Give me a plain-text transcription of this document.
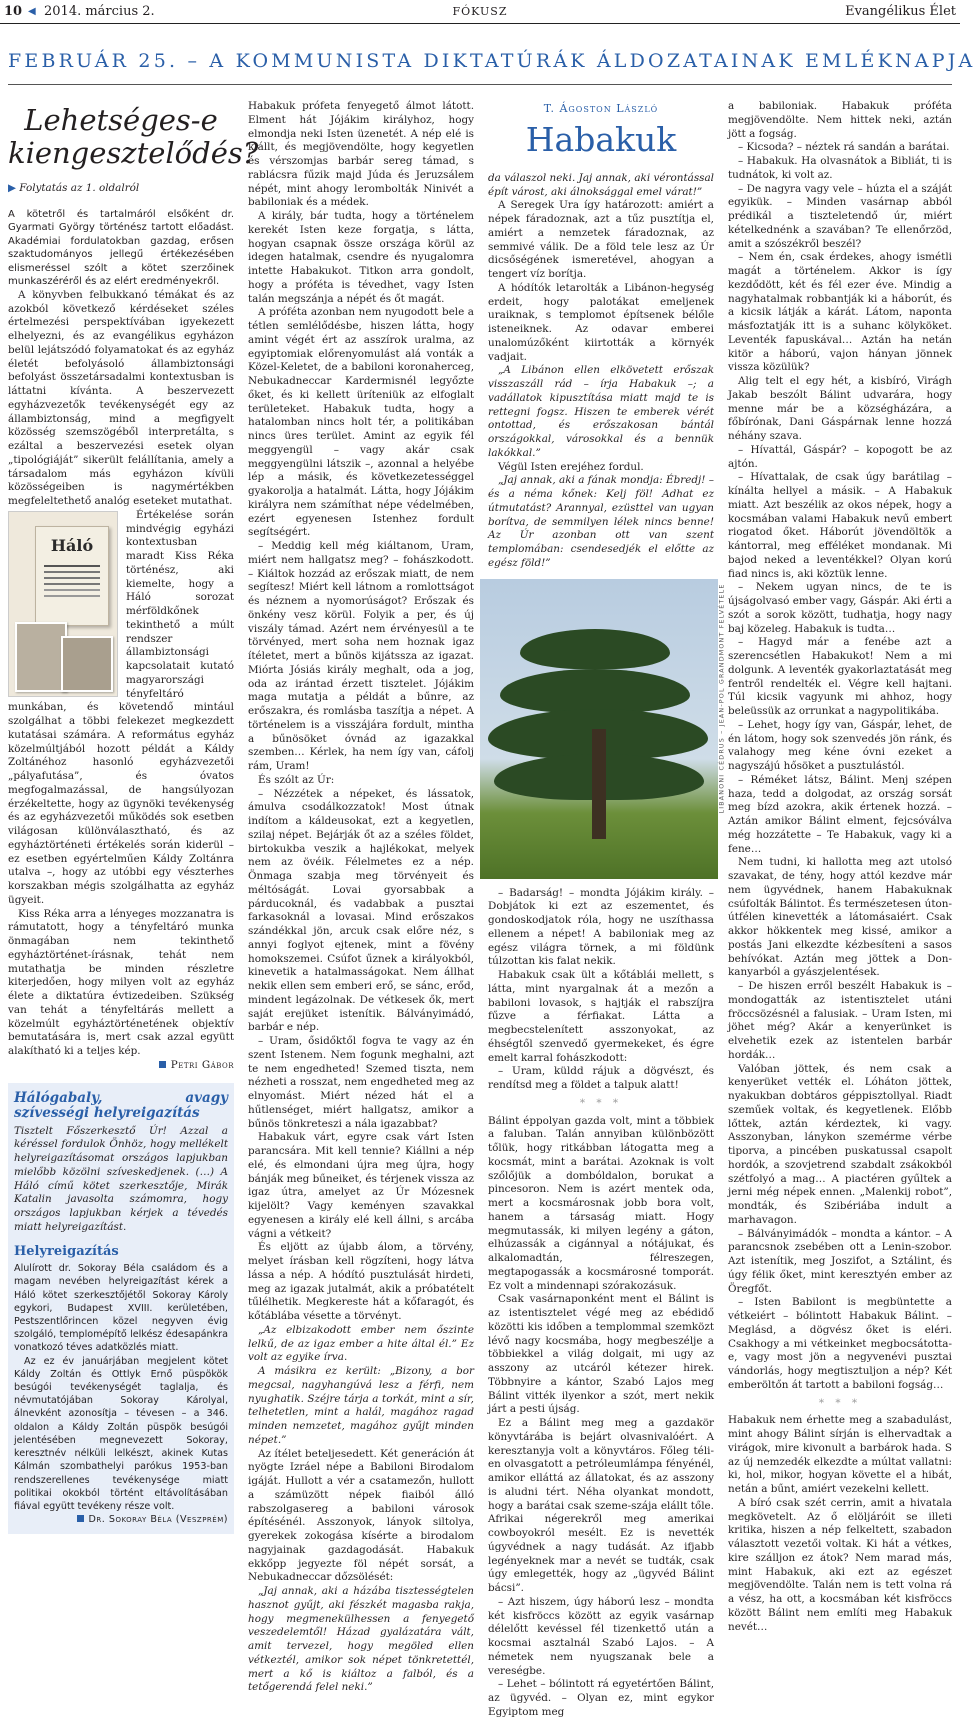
10 ◀ 2014. március 2.	FÓKUSZ	Evangélikus Élet
FEBRUÁR 25. – A KOMMUNISTA DIKTATÚRÁK ÁLDOZATAINAK EMLÉKNAPJA
Lehetséges-e kiengesztelődés?
▶ Folytatás az 1. oldalról

A kötetről és tartalmáról elsőként dr. Gyarmati György történész tartott előadást. Akadémiai fordulatokban gazdag, erősen szaktudományos jellegű értékezésében elismeréssel szólt a kötet szerzőinek munkaszéréről és az elért eredményekről.

A könyvben felbukkanó témákat és az azokból következő kérdéseket széles értelmezési perspektívában igyekezett elhelyezni, és az evangélikus egyházon belül lejátszódó folyamatokat és az egyház életét befolyásoló állambiztonsági befolyást összetársadalmi kontextusban is láttatni kívánta. A beszervezett egyházvezetők tevékenységét egy az állambiztonság, mind a megfigyelt közösség szemszögéből interpretálta, s ezáltal a beszervezési esetek olyan „tipológiáját” sikerült felállítania, amely a társadalom más egyházon kívüli közösségeiben is nagymértékben megfeleltethető analóg eseteket mutathat.

Háló

Értékelése során mindvégig egyházi kontextusban maradt Kiss Réka történész, aki kiemelte, hogy a Háló sorozat mérföldkőnek tekinthető a múlt rendszer állambiztonsági kapcsolatait kutató magyarországi tényfeltáró munkában, és követendő mintául szolgálhat a többi felekezet megkezdett kutatásai számára. A református egyház közelmúltjából hozott példát a Káldy Zoltánéhoz hasonló egyházvezetői „pályafutása”, és óvatos megfogalmazással, de hangsúlyozan érzékeltette, hogy az ügynöki tevékenység és az egyházvezetői működés sok esetben világosan különválasztható, és az egyháztörténeti értékelés során kiderül – ez esetben egyértelműen Káldy Zoltánra utalva –, hogy az utóbbi egy vészterhes korszakban mégis szolgálhatta az egyház ügyeit.

Kiss Réka arra a lényeges mozzanatra is rámutatott, hogy a tényfeltáró munka önmagában nem tekinthető egyháztörténet-írásnak, tehát nem mutathatja be minden részletre kiterjedően, hogy milyen volt az egyház élete a diktatúra évtizedeiben. Szükség van tehát a tényfeltárás mellett a közelmúlt egyháztörténetének objektív bemutatására is, mert csak azzal együtt alakítható ki a teljes kép.

Petri Gábor
Hálógabaly, avagy szívességi helyreigazítás

Tisztelt Főszerkesztő Úr! Azzal a kéréssel fordulok Önhöz, hogy mellékelt helyreigazításomat országos lapjukban mielőbb közölni szíveskedjenek. (…) A Háló című kötet szerkesztője, Mirák Katalin javasolta számomra, hogy országos lapjukban kérjek a tévedés miatt helyreigazítást.

Helyreigazítás

Alulírott dr. Sokoray Béla családom és a magam nevében helyreigazítást kérek a Háló kötet szerkesztőjétől Sokoray Károly egykori, Budapest XVIII. kerületében, Pestszentlőrincen közel negyven évig szolgáló, templomépítő lelkész édesapánkra vonatkozó téves adatközlés miatt.

Az ez év januárjában megjelent kötet Káldy Zoltán és Ottlyk Ernő püspökök besúgói tevékenységét taglalja, és névmutatójában Sokoray Károlyal, álnevként azonosítja – tévesen – a 346. oldalon a Káldy Zoltán püspök besúgói jelentésében megnevezett Sokoray, keresztnév nélküli lelkészt, akinek Kutas Kálmán szombathelyi parókus 1953-ban rendszerellenes tevékenysége miatt politikai okokból történt eltávolításában fiával együtt tevékeny része volt.

Dr. Sokoray Béla (Veszprém)

Habakuk prófeta fenyegető álmot látott. Elment hát Jójákim királyhoz, hogy elmondja neki Isten üzenetét. A nép elé is kiállt, és megjövendölte, hogy kegyetlen és vérszomjas barbár sereg támad, s rablácsra fűzik majd Júda és Jeruzsálem népét, mint ahogy lerombolták Ninivét a babiloniak és a médek.

A király, bár tudta, hogy a történelem kerekét Isten keze forgatja, s látta, hogyan csapnak össze országa körül az idegen hatalmak, csendre és nyugalomra intette Habakukot. Titkon arra gondolt, hogy a próféta is tévedhet, vagy Isten talán megszánja a népét és őt magát.

A próféta azonban nem nyugodott bele a tétlen semlélődésbe, hiszen látta, hogy amint végét ért az asszírok uralma, az egyiptomiak előrenyomulást alá vonták a Közel-Keletet, de a babiloni koronaherceg, Nebukadneccar Kardermisnél legyőzte őket, és ki kellett üríteniük az elfoglalt területeket. Habakuk tudta, hogy a hatalomban nincs holt tér, a politikában nincs üres terület. Amint az egyik fél meggyengül – vagy akár csak meggyengülni látszik –, azonnal a helyébe lép a másik, és következetességgel gyakorolja a hatalmát. Látta, hogy Jójákim királyra nem számíthat népe védelmében, ezért egyenesen Istenhez fordult segítségért.

– Meddig kell még kiáltanom, Uram, miért nem hallgatsz meg? – fohászkodott. – Kiáltok hozzád az erőszak miatt, de nem segítesz! Miért kell látnom a romlottságot és néznem a nyomorúságot? Erőszak és önkény vesz körül. Folyik a per, és új viszály támad. Azért nem érvényesül a te törvényed, mert soha nem hoznak igaz ítéletet, mert a bűnös kijátssza az igazat. Miórta Jósiás király meghalt, oda a jog, oda az irántad érzett tisztelet. Jójákim maga mutatja a példát a bűnre, az erőszakra, és romlásba taszítja a népet. A történelem is a visszájára fordult, mintha a bűnösöket óvnád az igazakkal szemben… Kérlek, ha nem így van, cáfolj rám, Uram!

És szólt az Úr:

– Nézzétek a népeket, és lássatok, ámulva csodálkozzatok! Most útnak indítom a káldeusokat, ezt a kegyetlen, szilaj népet. Bejárják őt az a széles földet, birtokukba veszik a hajlékokat, melyek nem az övéik. Félelmetes ez a nép. Önmaga szabja meg törvényeit és méltóságát. Lovai gyorsabbak a párducoknál, és vadabbak a pusztai farkasoknál a lovasai. Mind erőszakos szándékkal jön, arcuk csak előre néz, s annyi foglyot ejtenek, mint a fövény homokszemei. Csúfot űznek a királyokból, kinevetik a hatalmasságokat. Nem állhat nekik ellen sem emberi erő, se sánc, erőd, mindent legázolnak. De vétkesek ők, mert saját erejüket istenítik. Bálványimádó, barbár e nép.

– Uram, ősidőktől fogva te vagy az én szent Istenem. Nem fogunk meghalni, azt te nem engedheted! Szemed tiszta, nem nézheti a rosszat, nem engedheted meg az elnyomást. Miért nézed hát el a hűtlenséget, miért hallgatsz, amikor a bűnös tönkreteszi a nála igazabbat?

Habakuk várt, egyre csak várt Isten parancsára. Mit kell tennie? Kiállni a nép elé, és elmondani újra meg újra, hogy bánják meg bűneiket, és térjenek vissza az igaz útra, amelyet az Úr Mózesnek kijelölt? Vagy keményen szavakkal egyenesen a király elé kell állni, s arcába vágni a vétkeit?

És eljött az újabb álom, a törvény, melyet írásban kell rögzíteni, hogy látva lássa a nép. A hódító pusztulását hirdeti, meg az igazak jutalmát, akik a próbatételt tűlélhetik. Megkereste hát a kőfaragót, és kőtáblába vésette a törvényt.

„Az elbizakodott ember nem őszinte lelkű, de az igaz ember a hite által él.” Ez volt az egyike írva.

A másikra ez került: „Bizony, a bor megcsal, nagyhangúvá lesz a férfi, nem nyughatik. Széjre tárja a torkát, mint a sír, telhetetlen, mint a halál, magához ragad minden nemzetet, magához gyűjt minden népet.”

Az ítélet beteljesedett. Két generáción át nyögte Izráel népe a Babiloni Birodalom igáját. Hullott a vér a csatamezőn, hullott a számüzött népek fiaiból álló rabszolgasereg a babiloni városok építésénél. Asszonyok, lányok siltolya, gyerekek zokogása kísérte a birodalom nagyjainak gazdagodását. Habakuk ekkőpp jegyezte föl népét sorsát, a Nebukadneccar dőzsölését:

„Jaj annak, aki a házába tisztességtelen hasznot gyűjt, aki fészkét magasba rakja, hogy megmenekülhessen a fenyegető veszedelemtől! Házad gyalázatára vált, amit tervezel, hogy megöled ellen vétkeztél, amikor sok népet tönkretettél, mert a kő is kiáltoz a falból, és a tetőgerendá felel neki.”

T. Ágoston László
Habakuk

da válaszol neki. Jaj annak, aki vérontással épít várost, aki álnoksággal emel várat!”

A Seregek Ura így határozott: amiért a népek fáradoznak, azt a tűz pusztítja el, amiért a nemzetek fáradoznak, az semmivé válik. De a föld tele lesz az Úr dicsőségének ismeretével, ahogyan a tengert víz borítja.

A hódítók letarolták a Libánon-hegység erdeit, hogy palotákat emeljenek uraiknak, s templomot építsenek bélőle isteneiknek. Az odavar emberei unalomúzőként kiirtották a környék vadjait.

„A Libánon ellen elkövetett erőszak visszaszáll rád – írja Habakuk –; a vadállatok kipusztítása miatt majd te is rettegni fogsz. Hiszen te emberek vérét ontottad, és erőszakosan bántál országokkal, városokkal és a bennük lakókkal.”

Végül Isten erejéhez fordul.

„Jaj annak, aki a fának mondja: Ébredj! – és a néma kőnek: Kelj föl! Adhat ez útmutatást? Arannyal, ezüsttel van ugyan borítva, de semmilyen lélek nincs benne! Az Úr azonban ott van szent templomában: csendesedjék el előtte az egész föld!”

– Badarság! – mondta Jójákim király. – Dobjátok ki ezt az eszementet, és gondoskodjatok róla, hogy ne uszíthassa ellenem a népet! A babiloniak meg az egész világra törnek, a mi földünk túlzottan kis falat nekik.

Habakuk csak ült a kőtáblái mellett, s látta, mint nyargalnak át a mezőn a babiloni lovasok, s hajtják el rabszíjra fűzve a férfiakat. Látta a megbecstelenített asszonyokat, az éhségtől szenvedő gyermekeket, és égre emelt karral fohászkodott:

– Uram, küldd rájuk a dögvészt, és rendítsd meg a földet a talpuk alatt!

* * *

Bálint éppolyan gazda volt, mint a többiek a faluban. Talán annyiban különbözött tőlük, hogy ritkábban látogatta meg a kocsmát, mint a barátai. Azoknak is volt szőlőjük a dombóldalon, borukat a pincesoron. Nem is azért mentek oda, mert a kocsmárosnak jobb bora volt, hanem a társaság miatt. Hogy megmutassák, ki milyen legény a gáton, elhúzassák a cigánnyal a nótájukat, és alkalomadtán, félreszegen, megtapogassák a kocsmárosné tomporát. Ez volt a mindennapi szórakozásuk.

Csak vasárnaponként ment el Bálint is az istentisztelet végé meg az ebédidő közötti kis időben a templommal szemközt lévő nagy kocsmába, hogy megbeszélje a többiekkel a világ dolgait, mi ugy az asszony az utcáról kétezer hirek. Többnyire a kántor, Szabó Lajos meg Bálint vitték ilyenkor a szót, mert nekik járt a pesti újság.

Ez a Bálint meg meg a gazdakör könyvtárába is bejárt olvasnivalóért. A keresztanyja volt a könyvtáros. Főleg télien olvasgatott a petróleumlámpa fényénél, amikor elláttá az állatokat, és az asszony is aludni tért. Néha olyankat mondott, hogy a barátai csak szeme-szája elállt tőle. Afrikai négerekről meg amerikai cowboyokról mesélt. Ez is nevették úgyvédnek a nagy tudását. Az ifjabb legényeknek mar a nevét se tudták, csak úgy emlegették, hogy az „ügyvéd Bálint bácsi”.

– Azt hiszem, úgy háború lesz – mondta két kisfröccs között az egyik vasárnap délelőtt kevéssel fél tizenkettő után a kocsmai asztalnál Szabó Lajos. – A németek nem nyugszanak bele a vereségbe.

– Lehet – bólintott rá egyetértően Bálint, az ügyvéd. – Olyan ez, mint egykor Egyiptom meg

LIBANONI CÉDRUS – JEAN-POL GRANDMONT FELVÉTELE

a babiloniak. Habakuk próféta megjövendölte. Nem hittek neki, aztán jött a fogság.

– Kicsoda? – néztek rá sandán a barátai.

– Habakuk. Ha olvasnátok a Bibliát, ti is tudnátok, ki volt az.

– De nagyra vagy vele – húzta el a száját egyikük. – Minden vasárnap abból prédikál a tiszteletendő úr, miért kételkednénk a szavában? Te ellenőrzöd, amit a szószékről beszél?

– Nem én, csak érdekes, ahogy ismétli magát a történelem. Akkor is így kezdődött, két és fél ezer éve. Mindig a nagyhatalmak robbantják ki a háborút, és a kicsik látják a kárát. Látom, naponta másfoztatják itt is a suhanc kölyköket. Leventék fapuskával… Aztán ha netán kitör a háború, vajon hányan jönnek vissza közülük?

Alig telt el egy hét, a kisbíró, Virágh Jakab beszólt Bálint udvarára, hogy menne már be a községházára, a főbírónak, Dani Gáspárnak lenne hozzá néhány szava.

– Hívattál, Gáspár? – kopogott be az ajtón.

– Hívattalak, de csak úgy barátilag – kínálta hellyel a másik. – A Habakuk miatt. Azt beszélik az okos népek, hogy a kocsmában valami Habakuk nevű embert riogatod őket. Háborút jövendöltök a kántorral, meg efféléket mondanak. Mi bajod neked a leventékkel? Olyan korú fiad nincs is, aki köztük lenne.

– Nekem ugyan nincs, de te is újságolvasó ember vagy, Gáspár. Aki érti a szót a sorok között, tudhatja, hogy nagy baj közeleg. Habakuk is tudta…

– Hagyd már a fenébe azt a szerencsétlen Habakukot! Nem a mi dolgunk. A leventék gyakorlaztatását meg fentről rendelték el. Végre kell hajtani. Túl kicsik vagyunk mi ahhoz, hogy beleüssük az orrunkat a nagypolitikába.

– Lehet, hogy így van, Gáspár, lehet, de én látom, hogy sok szenvedés jön ránk, és valahogy meg kéne óvni ezeket a nagyszájú hősöket a pusztulástól.

– Réméket látsz, Bálint. Menj szépen haza, tedd a dolgodat, az ország sorsát meg bízd azokra, akik értenek hozzá. – Aztán amikor Bálint elment, fejcsóválva még hozzátette – Te Habakuk, vagy ki a fene…

Nem tudni, ki hallotta meg azt utolsó szavakat, de tény, hogy attól kezdve már nem ügyvédnek, hanem Habakuknak csúfolták Bálintot. És természetesen úton-útfélen kinevették a látomásaiért. Csak akkor hökkentek meg kissé, amikor a postás Jani elkezdte kézbesíteni a sasos behívókat. Aztán meg jöttek a Don-kanyarból a gyászjelentések.

– De hiszen erről beszélt Habakuk is – mondogatták az istentisztelet utáni fröccsözésnél a falusiak. – Uram Isten, mi jöhet még? Akár a kenyerünket is elvehetik ezek az istentelen barbár hordák…

Valóban jöttek, és nem csak a kenyerüket vették el. Lóháton jöttek, nyakukban dobtáros géppisztollyal. Riadt szeműek voltak, és kegyetlenek. Előbb lőttek, aztán kérdeztek, ki vagy. Asszonyban, lánykon szemérme vérbe tiporva, a pincében puskatussal csapolt hordók, a szovjetrend szabdalt zsákokból szétfolyó a mag… A piactéren gyűltek a jerni még népek ennen. „Malenkij robot”, mondták, és Szibériába indult a marhavagon.

– Bálványimádók – mondta a kántor. – A parancsnok zsebében ott a Lenin-szobor. Azt istenítik, meg Joszifot, a Sztálint, és úgy félik őket, mint keresztyén ember az Öregfőt.

– Isten Babilont is megbüntette a vétkeiért – bólintott Habakuk Bálint. – Meglásd, a dögvész őket is eléri. Csakhogy a mi vétkeinket megbocsátotta-e, vagy most jön a negyvenévi pusztai vándorlás, hogy megtisztuljon a nép? Két emberöltőn át tartott a babiloni fogság…

* * *

Habakuk nem érhette meg a szabadulást, mint ahogy Bálint sírján is elhervadtak a virágok, mire kivonult a barbárok hada. S az új nemzedék elkezdte a múltat vallatni: ki, hol, mikor, hogyan követte el a hibát, netán a bűnt, amiért vezekelni kellett.

A bíró csak szét cerrin, amit a hivatala megkövetelt. Az ő elöljáróit se illeti kritika, hiszen a nép felkeltett, szabadon választott vezetői voltak. Ki hát a vétkes, kire szálljon ez átok? Nem marad más, mint Habakuk, aki ezt az egészet megjövendölte. Talán nem is tett volna rá a vész, ha ott, a kocsmában két kisfröccs között Bálint nem említi meg Habakuk nevét…
